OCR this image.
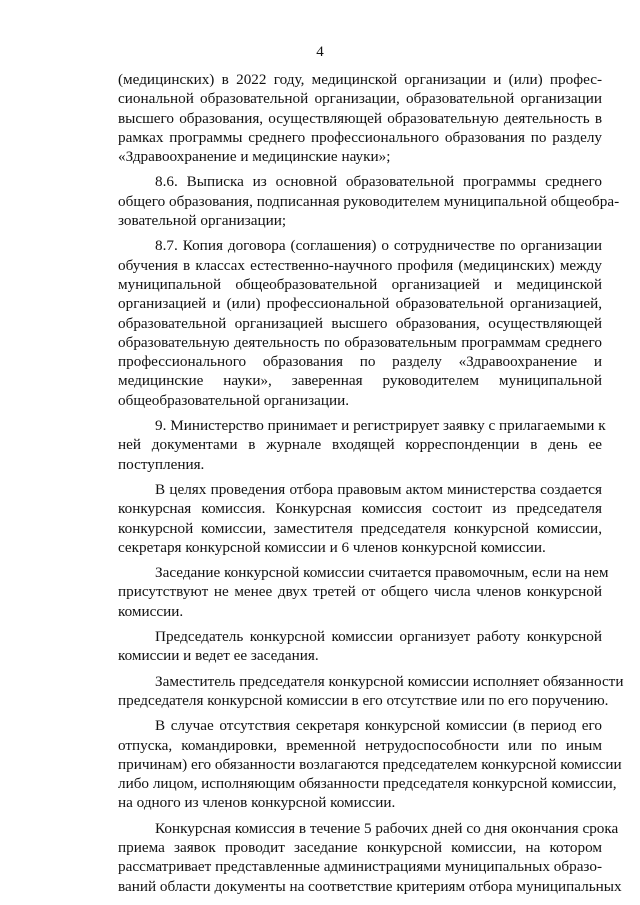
4
(медицинских) в 2022 году, медицинской организации и (или) профес-
сиональной образовательной организации, образовательной организации
высшего образования, осуществляющей образовательную деятельность в
рамках программы среднего профессионального образования по разделу
«Здравоохранение и медицинские науки»;
8.6. Выписка из основной образовательной программы среднего
общего образования, подписанная руководителем муниципальной общеобра-
зовательной организации;
8.7. Копия договора (соглашения) о сотрудничестве по организации
обучения в классах естественно-научного профиля (медицинских) между
муниципальной общеобразовательной организацией и медицинской
организацией и (или) профессиональной образовательной организацией,
образовательной организацией высшего образования, осуществляющей
образовательную деятельность по образовательным программам среднего
профессионального образования по разделу «Здравоохранение и
медицинские науки», заверенная руководителем муниципальной
общеобразовательной организации.
9. Министерство принимает и регистрирует заявку с прилагаемыми к
ней документами в журнале входящей корреспонденции в день ее
поступления.
В целях проведения отбора правовым актом министерства создается
конкурсная комиссия. Конкурсная комиссия состоит из председателя
конкурсной комиссии, заместителя председателя конкурсной комиссии,
секретаря конкурсной комиссии и 6 членов конкурсной комиссии.
Заседание конкурсной комиссии считается правомочным, если на нем
присутствуют не менее двух третей от общего числа членов конкурсной
комиссии.
Председатель конкурсной комиссии организует работу конкурсной
комиссии и ведет ее заседания.
Заместитель председателя конкурсной комиссии исполняет обязанности
председателя конкурсной комиссии в его отсутствие или по его поручению.
В случае отсутствия секретаря конкурсной комиссии (в период его
отпуска, командировки, временной нетрудоспособности или по иным
причинам) его обязанности возлагаются председателем конкурсной комиссии
либо лицом, исполняющим обязанности председателя конкурсной комиссии,
на одного из членов конкурсной комиссии.
Конкурсная комиссия в течение 5 рабочих дней со дня окончания срока
приема заявок проводит заседание конкурсной комиссии, на котором
рассматривает представленные администрациями муниципальных образо-
ваний области документы на соответствие критериям отбора муниципальных
